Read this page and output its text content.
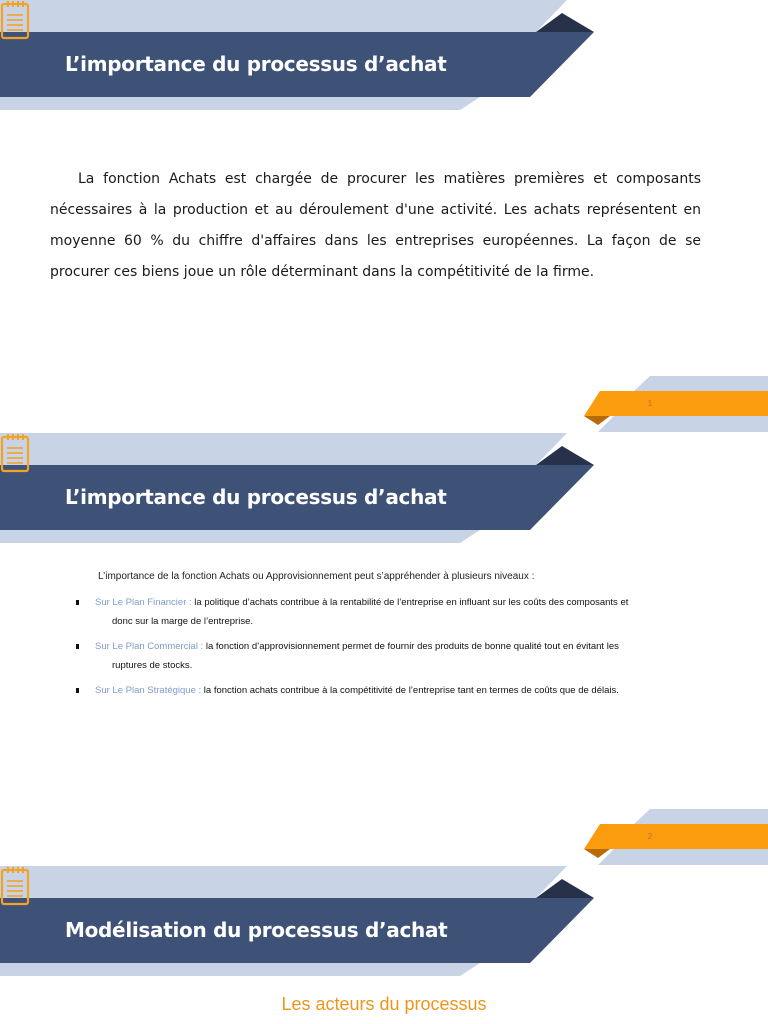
L’importance du processus d’achat

La fonction Achats est chargée de procurer les matières premières et composants nécessaires à la production et au déroulement d'une activité. Les achats représentent en moyenne 60 % du chiffre d'affaires dans les entreprises européennes. La façon de se procurer ces biens joue un rôle déterminant dans la compétitivité de la firme.

1
L’importance du processus d’achat
L’importance de la fonction Achats ou Approvisionnement peut s’appréhender à plusieurs niveaux :
Sur Le Plan Financier : la politique d’achats contribue à la rentabilité de l’entreprise en influant sur les coûts des composants et
donc sur la marge de l’entreprise.
Sur Le Plan Commercial : la fonction d’approvisionnement permet de fournir des produits de bonne qualité tout en évitant les
ruptures de stocks.
Sur Le Plan Stratégique : la fonction achats contribue à la compétitivité de l’entreprise tant en termes de coûts que de délais.
2
Modélisation du processus d’achat
Les acteurs du processus
